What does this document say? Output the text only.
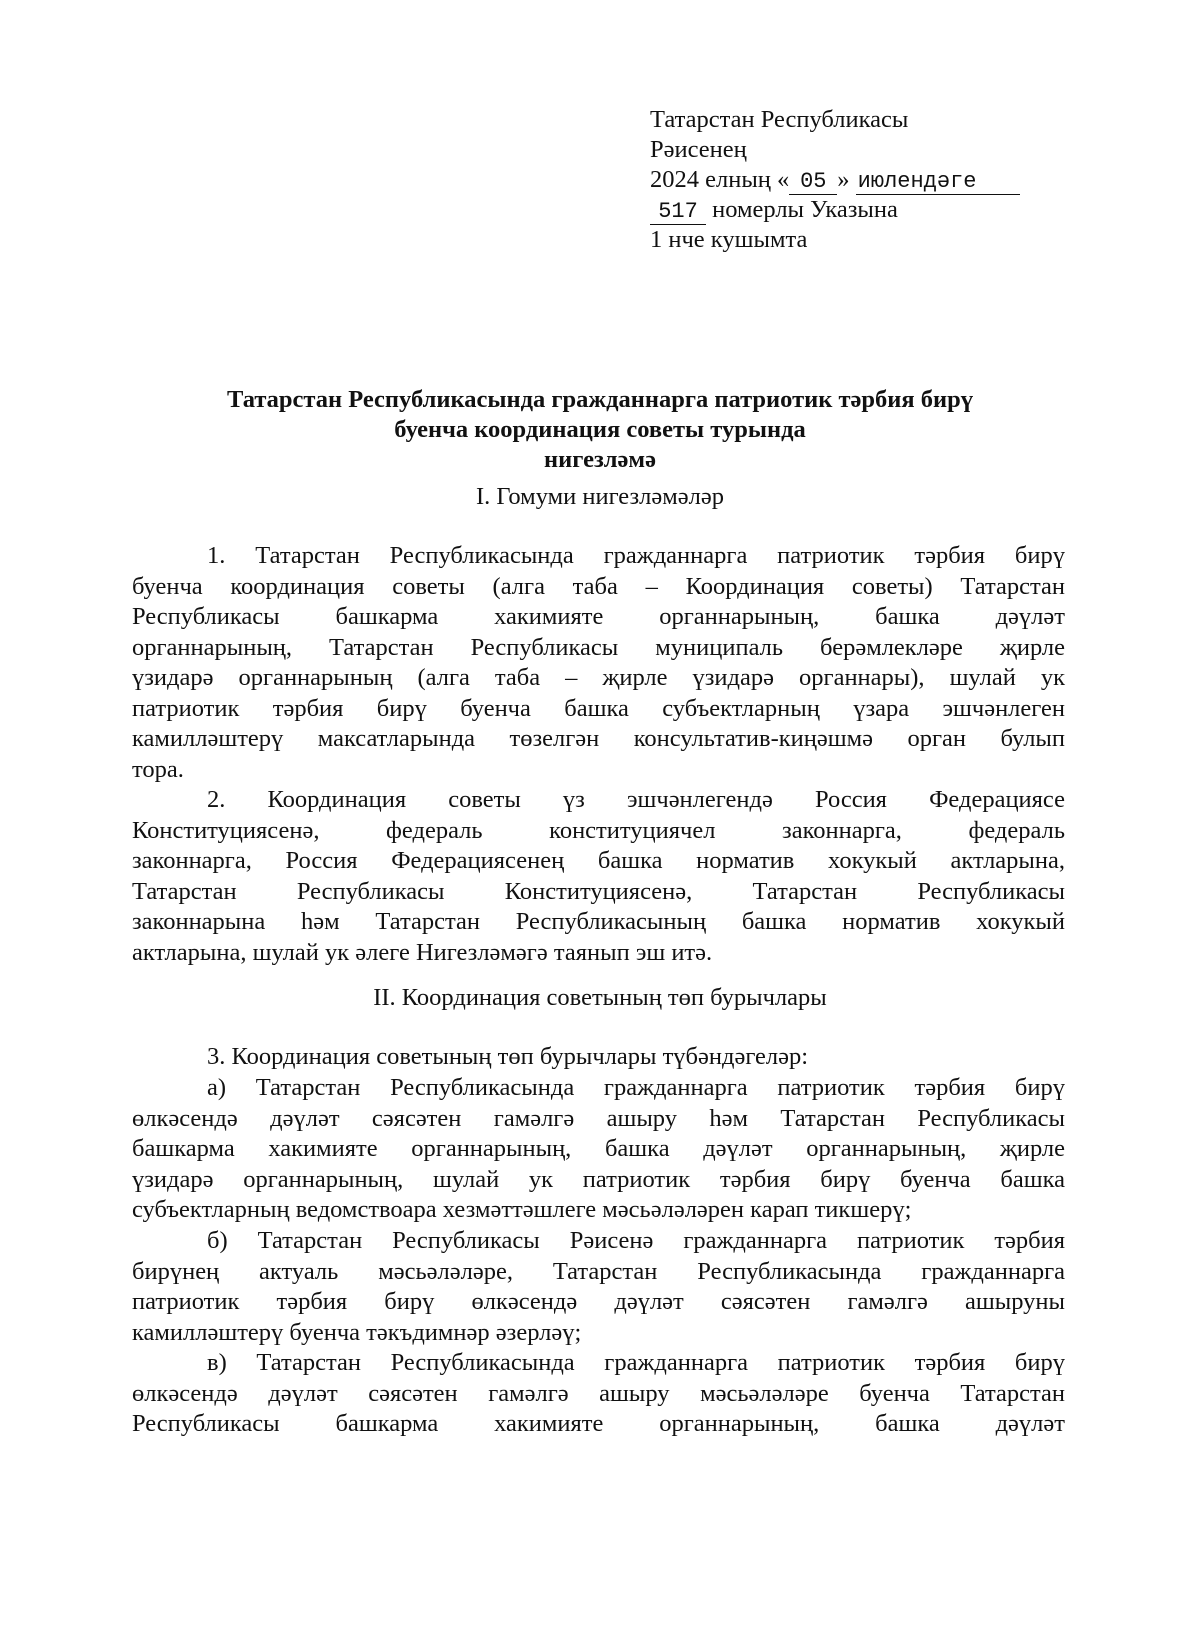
Татарстан Республикасы
Рәисенең
2024 елның « 05 » июлендәге
517 номерлы Указына
1 нче кушымта
Татарстан Республикасында гражданнарга патриотик тәрбия бирү
буенча координация советы турында
нигезләмә
I. Гомуми нигезләмәләр
1. Татарстан Республикасында гражданнарга патриотик тәрбия бирү
буенча координация советы (алга таба – Координация советы) Татарстан
Республикасы башкарма хакимияте органнарының, башка дәүләт
органнарының, Татарстан Республикасы муниципаль берәмлекләре җирле
үзидарә органнарының (алга таба – җирле үзидарә органнары), шулай ук
патриотик тәрбия бирү буенча башка субъектларның үзара эшчәнлеген
камилләштерү максатларында төзелгән консультатив-киңәшмә орган булып
тора.
2. Координация советы үз эшчәнлегендә Россия Федерациясе
Конституциясенә, федераль конституциячел законнарга, федераль
законнарга, Россия Федерациясенең башка норматив хокукый актларына,
Татарстан Республикасы Конституциясенә, Татарстан Республикасы
законнарына һәм Татарстан Республикасының башка норматив хокукый
актларына, шулай ук әлеге Нигезләмәгә таянып эш итә.
II. Координация советының төп бурычлары
3. Координация советының төп бурычлары түбәндәгеләр:
а) Татарстан Республикасында гражданнарга патриотик тәрбия бирү
өлкәсендә дәүләт сәясәтен гамәлгә ашыру һәм Татарстан Республикасы
башкарма хакимияте органнарының, башка дәүләт органнарының, җирле
үзидарә органнарының, шулай ук патриотик тәрбия бирү буенча башка
субъектларның ведомствоара хезмәттәшлеге мәсьәләләрен карап тикшерү;
б) Татарстан Республикасы Рәисенә гражданнарга патриотик тәрбия
бирүнең актуаль мәсьәләләре, Татарстан Республикасында гражданнарга
патриотик тәрбия бирү өлкәсендә дәүләт сәясәтен гамәлгә ашыруны
камилләштерү буенча тәкъдимнәр әзерләү;
в) Татарстан Республикасында гражданнарга патриотик тәрбия бирү
өлкәсендә дәүләт сәясәтен гамәлгә ашыру мәсьәләләре буенча Татарстан
Республикасы башкарма хакимияте органнарының, башка дәүләт
